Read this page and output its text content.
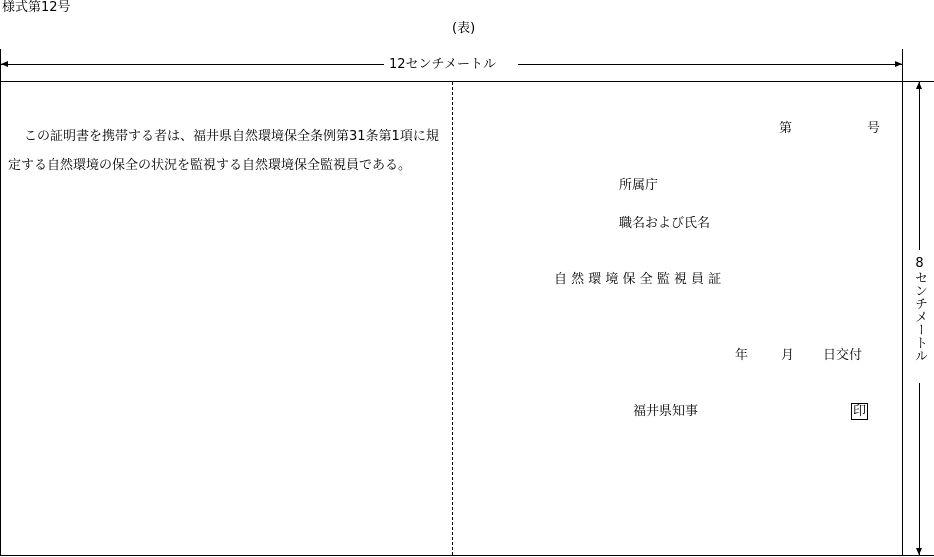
様式第12号
(表)
12センチメートル
8センチメートル
この証明書を携帯する者は、福井県自然環境保全条例第31条第1項に規定する自然環境の保全の状況を監視する自然環境保全監視員である。
第	号
所属庁
職名および氏名
自 然 環 境 保 全 監 視 員 証
年	月 日交付
福井県知事	印
